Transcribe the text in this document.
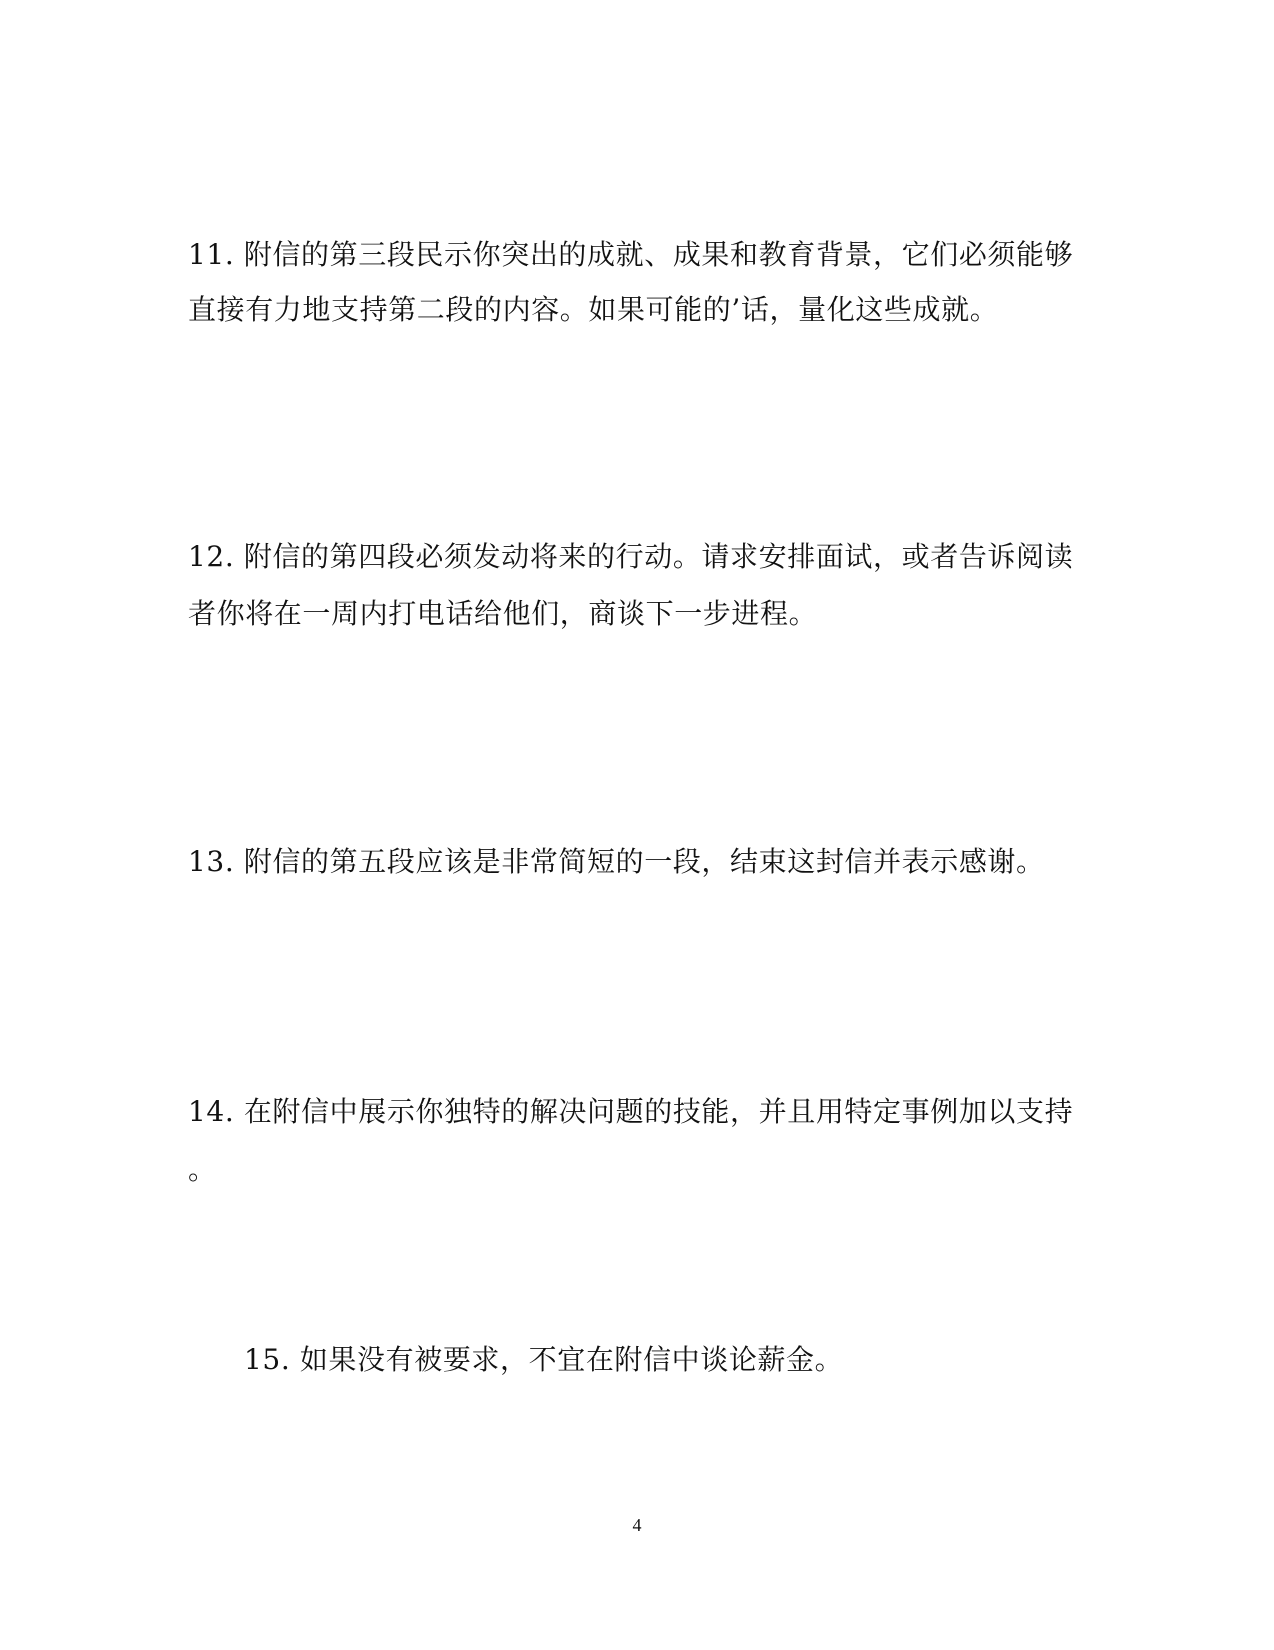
11. 附信的第三段民示你突出的成就、成果和教育背景，它们必须能够
直接有力地支持第二段的内容。如果可能的’话，量化这些成就。
12. 附信的第四段必须发动将来的行动。请求安排面试，或者告诉阅读
者你将在一周内打电话给他们，商谈下一步进程。
13. 附信的第五段应该是非常简短的一段，结束这封信并表示感谢。
14. 在附信中展示你独特的解决问题的技能，并且用特定事例加以支持
。
15. 如果没有被要求，不宜在附信中谈论薪金。
4
